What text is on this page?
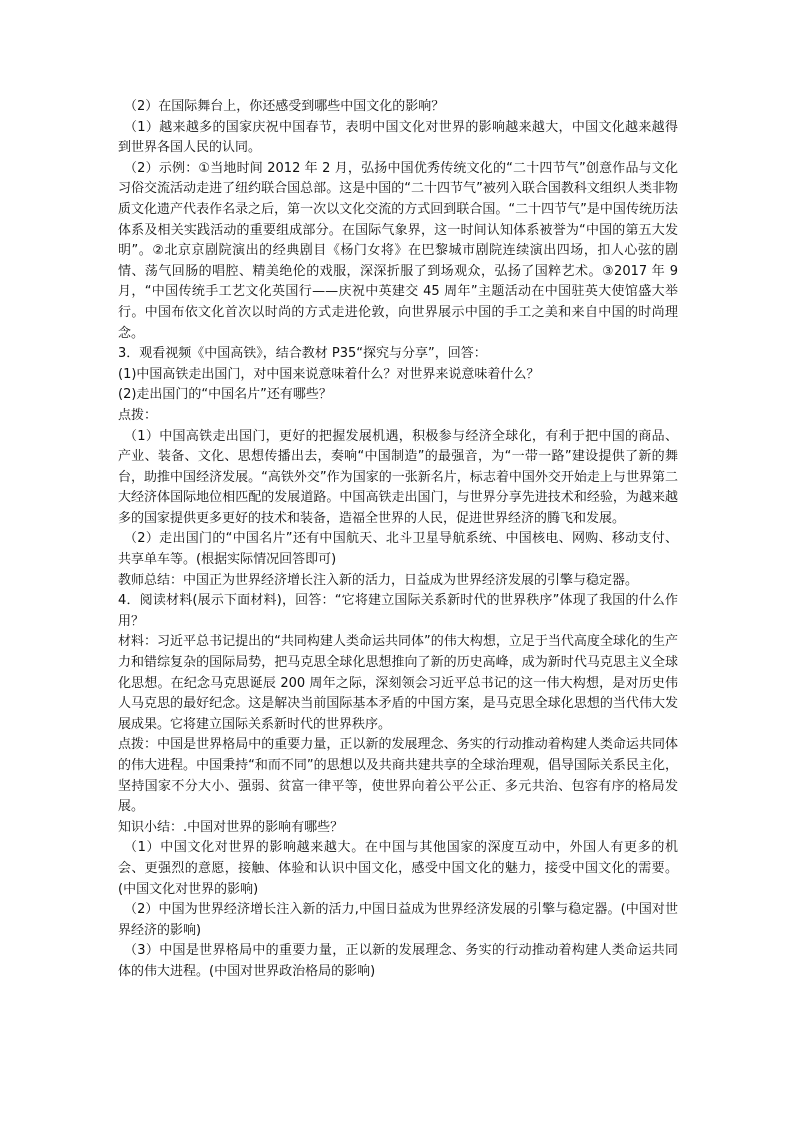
（2）在国际舞台上，你还感受到哪些中国文化的影响？

（1）越来越多的国家庆祝中国春节，表明中国文化对世界的影响越来越大，中国文化越来越得到世界各国人民的认同。

（2）示例：①当地时间 2012 年 2 月，弘扬中国优秀传统文化的“二十四节气”创意作品与文化习俗交流活动走进了纽约联合国总部。这是中国的“二十四节气”被列入联合国教科文组织人类非物质文化遗产代表作名录之后，第一次以文化交流的方式回到联合国。“二十四节气”是中国传统历法体系及相关实践活动的重要组成部分。在国际气象界，这一时间认知体系被誉为“中国的第五大发明”。②北京京剧院演出的经典剧目《杨门女将》在巴黎城市剧院连续演出四场，扣人心弦的剧情、荡气回肠的唱腔、精美绝伦的戏服，深深折服了到场观众，弘扬了国粹艺术。③2017 年 9 月，“中国传统手工艺文化英国行——庆祝中英建交 45 周年”主题活动在中国驻英大使馆盛大举行。中国布依文化首次以时尚的方式走进伦敦，向世界展示中国的手工之美和来自中国的时尚理念。

3．观看视频《中国高铁》，结合教材 P35“探究与分享”，回答：

(1)中国高铁走出国门，对中国来说意味着什么？对世界来说意味着什么？

(2)走出国门的“中国名片”还有哪些？

点拨：

（1）中国高铁走出国门，更好的把握发展机遇，积极参与经济全球化，有利于把中国的商品、产业、装备、文化、思想传播出去，奏响“中国制造”的最强音，为“一带一路”建设提供了新的舞台，助推中国经济发展。“高铁外交”作为国家的一张新名片，标志着中国外交开始走上与世界第二大经济体国际地位相匹配的发展道路。中国高铁走出国门，与世界分享先进技术和经验，为越来越多的国家提供更多更好的技术和装备，造福全世界的人民，促进世界经济的腾飞和发展。

（2）走出国门的“中国名片”还有中国航天、北斗卫星导航系统、中国核电、网购、移动支付、共享单车等。(根据实际情况回答即可)

教师总结：中国正为世界经济增长注入新的活力，日益成为世界经济发展的引擎与稳定器。

4．阅读材料(展示下面材料)，回答：“它将建立国际关系新时代的世界秩序”体现了我国的什么作用？

材料：习近平总书记提出的“共同构建人类命运共同体”的伟大构想，立足于当代高度全球化的生产力和错综复杂的国际局势，把马克思全球化思想推向了新的历史高峰，成为新时代马克思主义全球化思想。在纪念马克思诞辰 200 周年之际，深刻领会习近平总书记的这一伟大构想，是对历史伟人马克思的最好纪念。这是解决当前国际基本矛盾的中国方案，是马克思全球化思想的当代伟大发展成果。它将建立国际关系新时代的世界秩序。

点拨：中国是世界格局中的重要力量，正以新的发展理念、务实的行动推动着构建人类命运共同体的伟大进程。中国秉持“和而不同”的思想以及共商共建共享的全球治理观，倡导国际关系民主化，坚持国家不分大小、强弱、贫富一律平等，使世界向着公平公正、多元共治、包容有序的格局发展。

知识小结：.中国对世界的影响有哪些？

（1）中国文化对世界的影响越来越大。在中国与其他国家的深度互动中，外国人有更多的机会、更强烈的意愿，接触、体验和认识中国文化，感受中国文化的魅力，接受中国文化的需要。(中国文化对世界的影响)

（2）中国为世界经济增长注入新的活力,中国日益成为世界经济发展的引擎与稳定器。(中国对世界经济的影响)

（3）中国是世界格局中的重要力量，正以新的发展理念、务实的行动推动着构建人类命运共同体的伟大进程。(中国对世界政治格局的影响)
